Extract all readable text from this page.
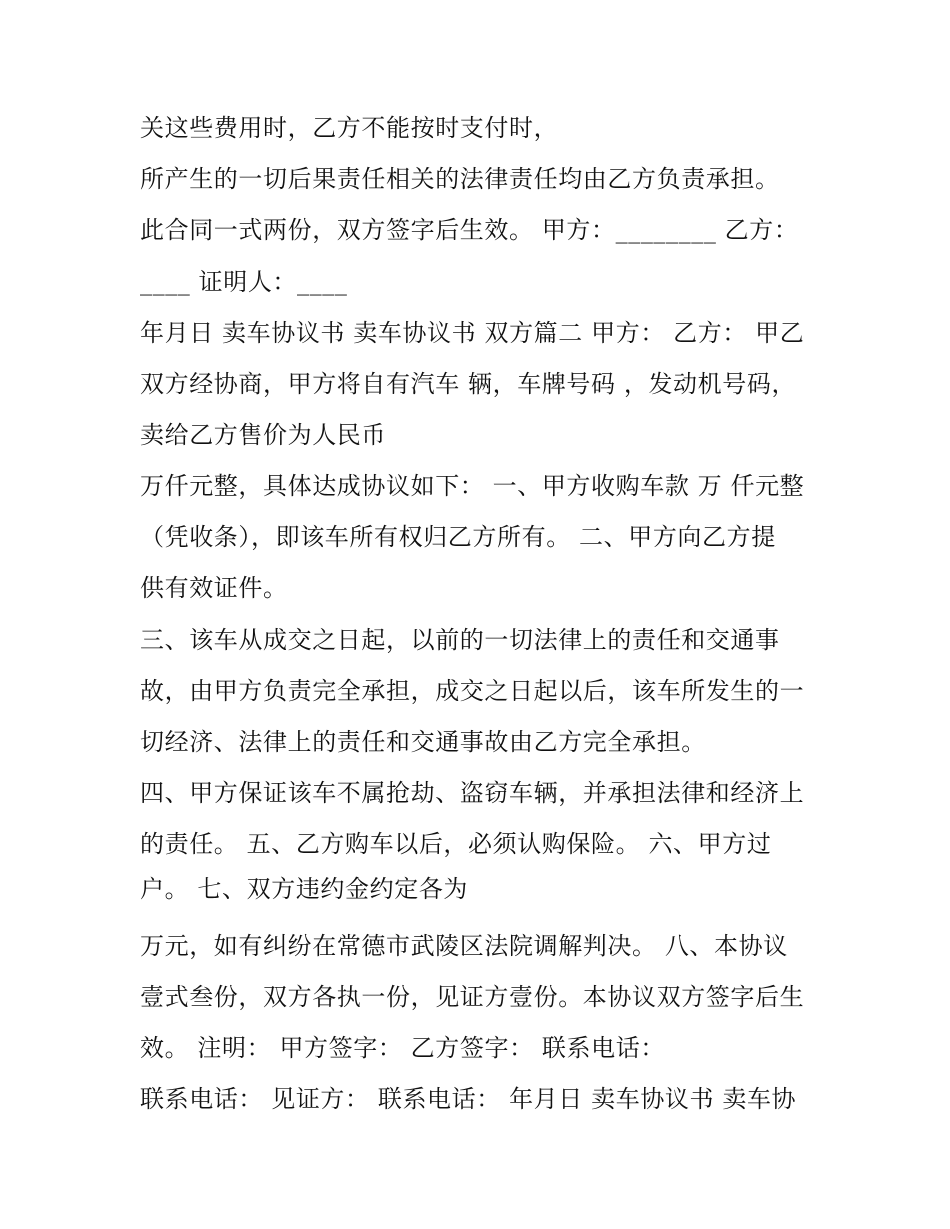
关这些费用时，乙方不能按时支付时，
所产生的一切后果责任相关的法律责任均由乙方负责承担。
此合同一式两份，双方签字后生效。 甲方：________ 乙方：
____ 证明人：____
年月日 卖车协议书 卖车协议书 双方篇二 甲方： 乙方： 甲乙
双方经协商，甲方将自有汽车 辆，车牌号码 ，发动机号码，
卖给乙方售价为人民币
万仟元整，具体达成协议如下： 一、甲方收购车款 万 仟元整
（凭收条），即该车所有权归乙方所有。 二、甲方向乙方提
供有效证件。
三、该车从成交之日起，以前的一切法律上的责任和交通事
故，由甲方负责完全承担，成交之日起以后，该车所发生的一
切经济、法律上的责任和交通事故由乙方完全承担。
四、甲方保证该车不属抢劫、盗窃车辆，并承担法律和经济上
的责任。 五、乙方购车以后，必须认购保险。 六、甲方过
户。 七、双方违约金约定各为
万元，如有纠纷在常德市武陵区法院调解判决。 八、本协议
壹式叁份，双方各执一份，见证方壹份。本协议双方签字后生
效。 注明： 甲方签字： 乙方签字： 联系电话：
联系电话： 见证方： 联系电话： 年月日 卖车协议书 卖车协
